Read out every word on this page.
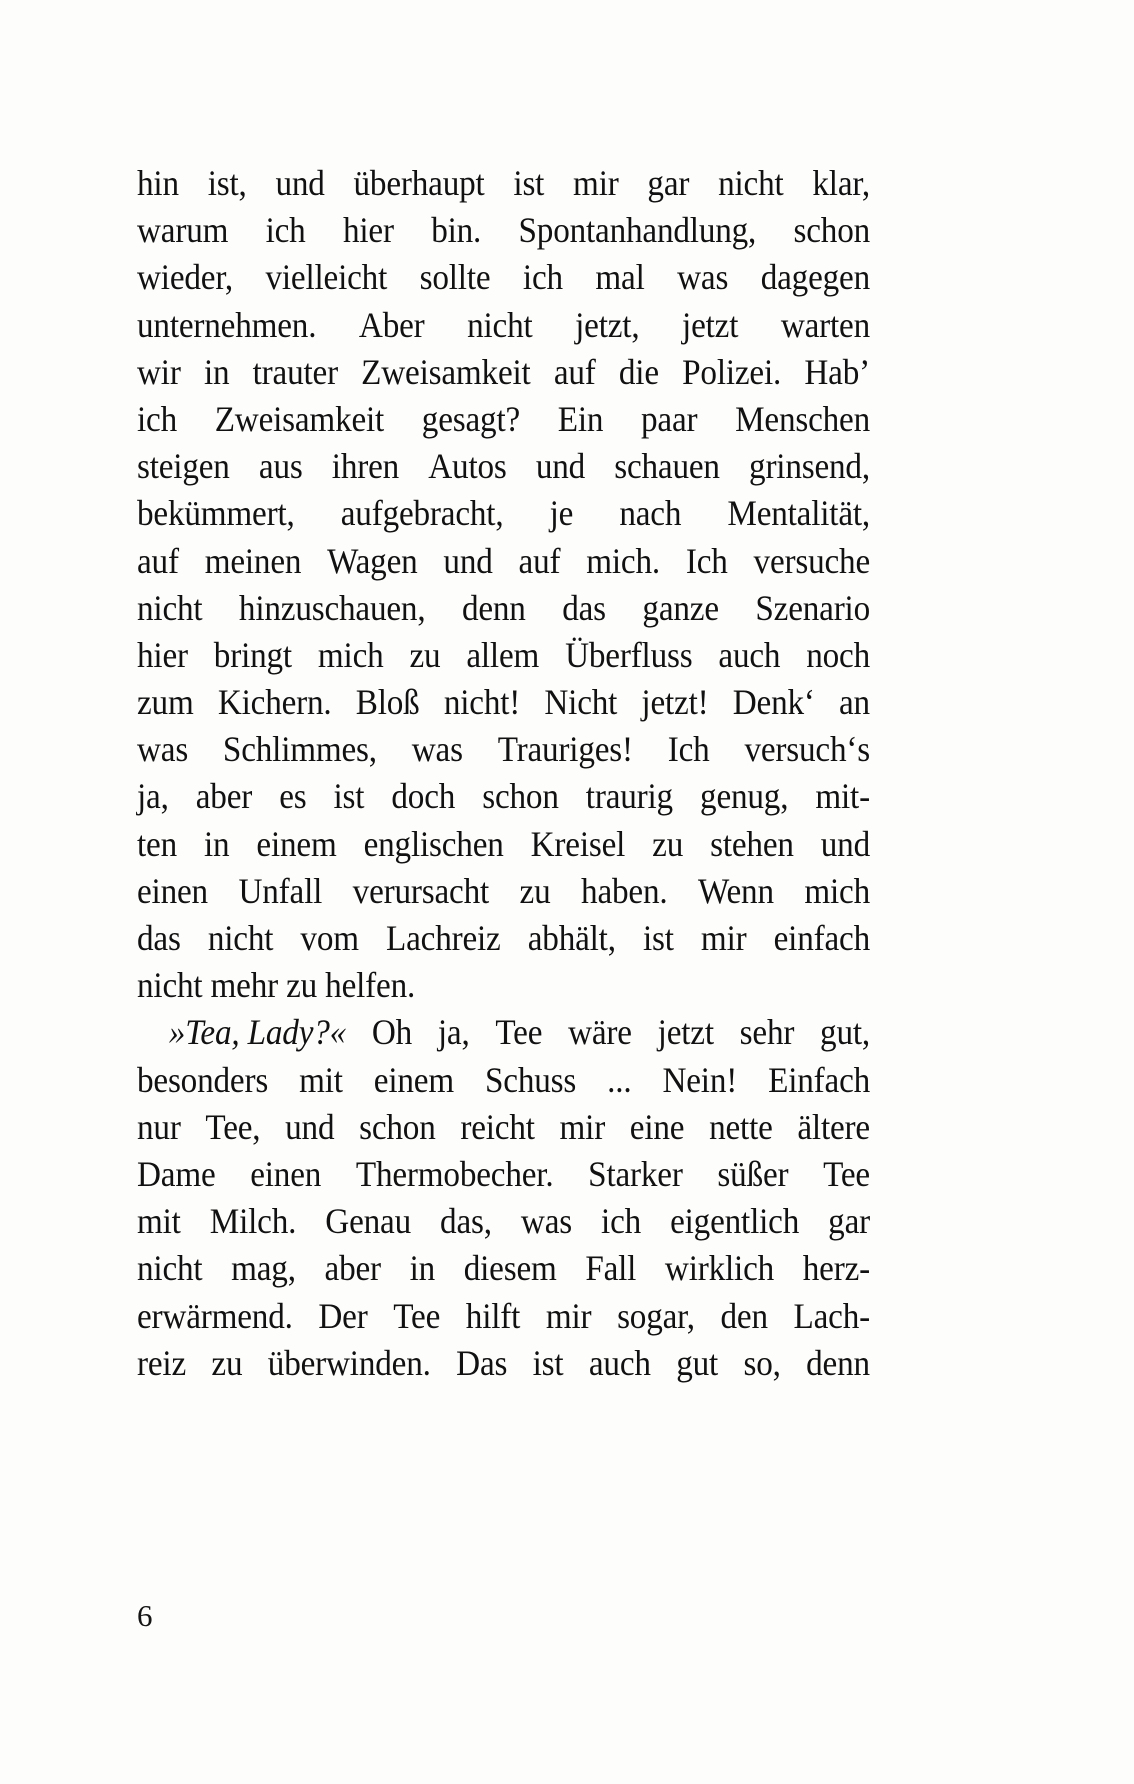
hin ist, und überhaupt ist mir gar nicht klar,
warum ich hier bin. Spontanhandlung, schon
wieder, vielleicht sollte ich mal was dagegen
unternehmen. Aber nicht jetzt, jetzt warten
wir in trauter Zweisamkeit auf die Polizei. Hab’
ich Zweisamkeit gesagt? Ein paar Menschen
steigen aus ihren Autos und schauen grinsend,
bekümmert, aufgebracht, je nach Mentalität,
auf meinen Wagen und auf mich. Ich versuche
nicht hinzuschauen, denn das ganze Szenario
hier bringt mich zu allem Überfluss auch noch
zum Kichern. Bloß nicht! Nicht jetzt! Denk‘ an
was Schlimmes, was Trauriges! Ich versuch‘s
ja, aber es ist doch schon traurig genug, mit-
ten in einem englischen Kreisel zu stehen und
einen Unfall verursacht zu haben. Wenn mich
das nicht vom Lachreiz abhält, ist mir einfach
nicht mehr zu helfen.
»Tea, Lady?« Oh ja, Tee wäre jetzt sehr gut,
besonders mit einem Schuss ... Nein! Einfach
nur Tee, und schon reicht mir eine nette ältere
Dame einen Thermobecher. Starker süßer Tee
mit Milch. Genau das, was ich eigentlich gar
nicht mag, aber in diesem Fall wirklich herz-
erwärmend. Der Tee hilft mir sogar, den Lach-
reiz zu überwinden. Das ist auch gut so, denn
6
